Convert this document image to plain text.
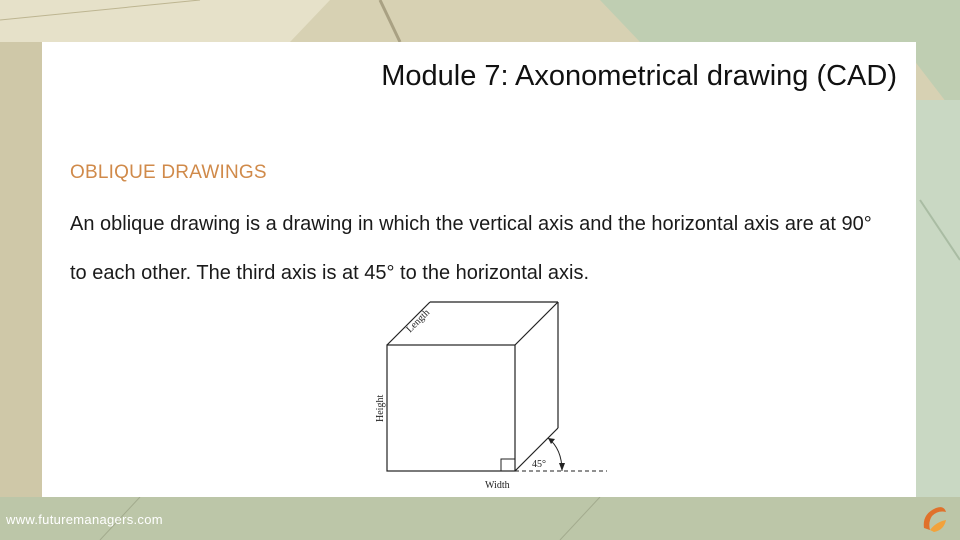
Module 7: Axonometrical drawing (CAD)
OBLIQUE DRAWINGS

An oblique drawing is a drawing in which the vertical axis and the horizontal axis are at 90° to each other. The third axis is at 45° to the horizontal axis.

Length
Height
Width
45°
www.futuremanagers.com
